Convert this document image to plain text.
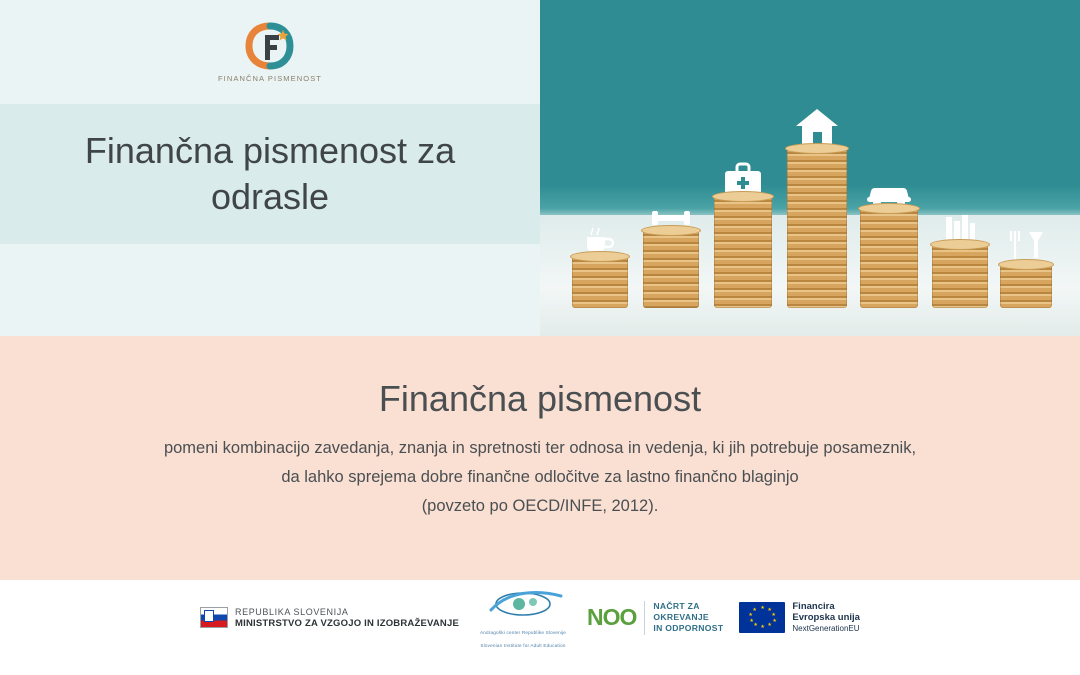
FINANČNA PISMENOST
Finančna pismenost za odrasle
Finančna pismenost
pomeni kombinacijo zavedanja, znanja in spretnosti ter odnosa in vedenja, ki jih potrebuje posameznik,
da lahko sprejema dobre finančne odločitve za lastno finančno blaginjo
(povzeto po OECD/INFE, 2012).
REPUBLIKA SLOVENIJA
MINISTRSTVO ZA VZGOJO IN IZOBRAŽEVANJE
Andragoški center Republike Slovenije
Slovenian Institute for Adult Education
NOO NAČRT ZA
OKREVANJE
IN ODPORNOST
★ ★
★
★
★
★
★
★
★
★	Financira
Evropska unija
NextGenerationEU
